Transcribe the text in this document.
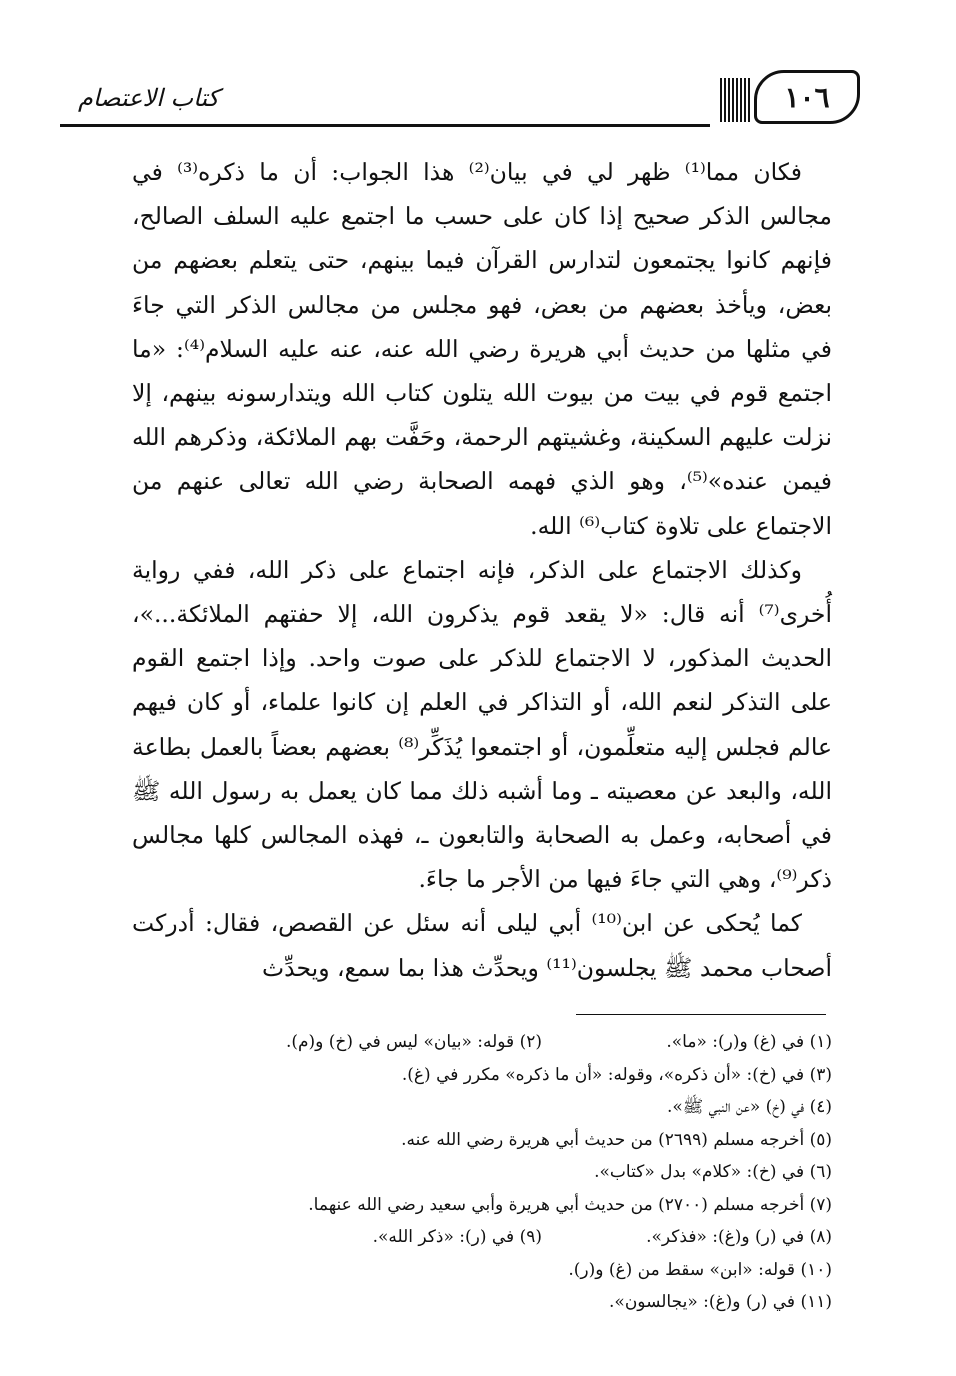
كتاب الاعتصام	١٠٦

فكان مما⁽¹⁾ ظهر لي في بيان⁽²⁾ هذا الجواب: أن ما ذكره⁽³⁾ في مجالس الذكر صحيح إذا كان على حسب ما اجتمع عليه السلف الصالح، فإنهم كانوا يجتمعون لتدارس القرآن فيما بينهم، حتى يتعلم بعضهم من بعض، ويأخذ بعضهم من بعض، فهو مجلس من مجالس الذكر التي جاءَ في مثلها من حديث أبي هريرة رضي الله عنه، عنه عليه السلام⁽⁴⁾: «ما اجتمع قوم في بيت من بيوت الله يتلون كتاب الله ويتدارسونه بينهم، إلا نزلت عليهم السكينة، وغشيتهم الرحمة، وحَفَّت بهم الملائكة، وذكرهم الله فيمن عنده»⁽⁵⁾، وهو الذي فهمه الصحابة رضي الله تعالى عنهم من الاجتماع على تلاوة كتاب⁽⁶⁾ الله.

وكذلك الاجتماع على الذكر، فإنه اجتماع على ذكر الله، ففي رواية أُخرى⁽⁷⁾ أنه قال: «لا يقعد قوم يذكرون الله، إلا حفتهم الملائكة...»، الحديث المذكور، لا الاجتماع للذكر على صوت واحد. وإذا اجتمع القوم على التذكر لنعم الله، أو التذاكر في العلم إن كانوا علماء، أو كان فيهم عالم فجلس إليه متعلِّمون، أو اجتمعوا يُذَكِّر⁽⁸⁾ بعضهم بعضاً بالعمل بطاعة الله، والبعد عن معصيته ـ وما أشبه ذلك مما كان يعمل به رسول الله ﷺ في أصحابه، وعمل به الصحابة والتابعون ـ، فهذه المجالس كلها مجالس ذكر⁽⁹⁾، وهي التي جاءَ فيها من الأجر ما جاءَ.

كما يُحكى عن ابن⁽¹⁰⁾ أبي ليلى أنه سئل عن القصص، فقال: أدركت أصحاب محمد ﷺ يجلسون⁽¹¹⁾ ويحدِّث هذا بما سمع، ويحدِّث

(١) في (غ) و(ر): «ما».
(٢) قوله: «بيان» ليس في (خ) و(م).
(٣) في (خ): «أن ذكره»، وقوله: «أن ما ذكره» مكرر في (غ).
(٤) في (خ) «عن النبي ﷺ».
(٥) أخرجه مسلم (٢٦٩٩) من حديث أبي هريرة رضي الله عنه.
(٦) في (خ): «كلام» بدل «كتاب».
(٧) أخرجه مسلم (٢٧٠٠) من حديث أبي هريرة وأبي سعيد رضي الله عنهما.
(٨) في (ر) و(غ): «فذكر».
(٩) في (ر): «ذكر الله».
(١٠) قوله: «ابن» سقط من (غ) و(ر).
(١١) في (ر) و(غ): «يجالسون».
